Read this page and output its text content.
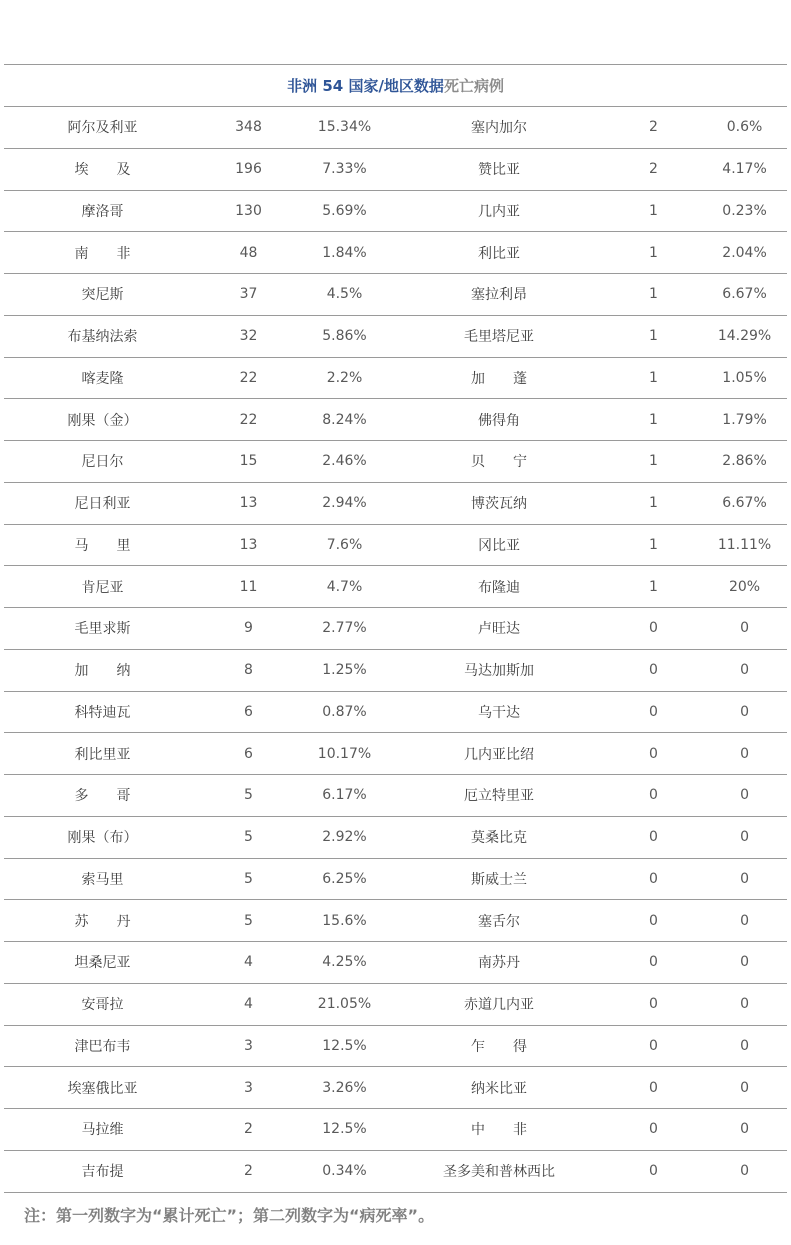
非洲 54 国家/地区数据死亡病例					
阿尔及利亚	348	15.34%	塞内加尔	2	0.6%
埃　　及	196	7.33%	赞比亚	2	4.17%
摩洛哥	130	5.69%	几内亚	1	0.23%
南　　非	48	1.84%	利比亚	1	2.04%
突尼斯	37	4.5%	塞拉利昂	1	6.67%
布基纳法索	32	5.86%	毛里塔尼亚	1	14.29%
喀麦隆	22	2.2%	加　　蓬	1	1.05%
刚果（金）	22	8.24%	佛得角	1	1.79%
尼日尔	15	2.46%	贝　　宁	1	2.86%
尼日利亚	13	2.94%	博茨瓦纳	1	6.67%
马　　里	13	7.6%	冈比亚	1	11.11%
肯尼亚	11	4.7%	布隆迪	1	20%
毛里求斯	9	2.77%	卢旺达	0	0
加　　纳	8	1.25%	马达加斯加	0	0
科特迪瓦	6	0.87%	乌干达	0	0
利比里亚	6	10.17%	几内亚比绍	0	0
多　　哥	5	6.17%	厄立特里亚	0	0
刚果（布）	5	2.92%	莫桑比克	0	0
索马里	5	6.25%	斯威士兰	0	0
苏　　丹	5	15.6%	塞舌尔	0	0
坦桑尼亚	4	4.25%	南苏丹	0	0
安哥拉	4	21.05%	赤道几内亚	0	0
津巴布韦	3	12.5%	乍　　得	0	0
埃塞俄比亚	3	3.26%	纳米比亚	0	0
马拉维	2	12.5%	中　　非	0	0
吉布提	2	0.34%	圣多美和普林西比	0	0
注：第一列数字为“累计死亡”；第二列数字为“病死率”。
